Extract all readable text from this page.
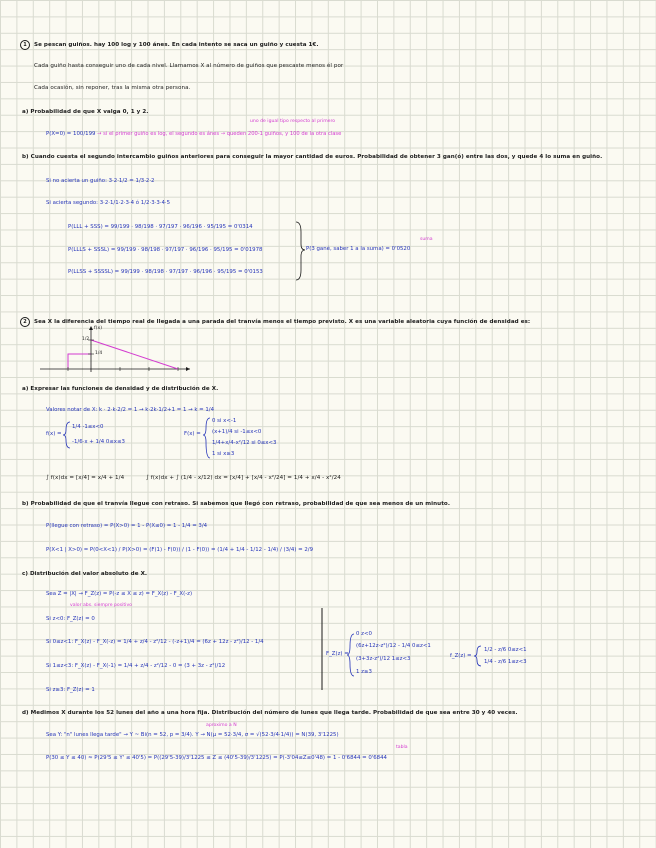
1 Se pescan guiños. hay 100 log y 100 ánes. En cada intento se saca un guiño y cuesta 1€.
Cada guiño hasta conseguir uno de cada nivel. Llamamos X al número de guiños que pescaste menos él por
Cada ocasión, sin reponer, tras la misma otra persona.
a) Probabilidad de que X valga 0, 1 y 2.
uno de igual tipo respecto al primero
P(X=0) = 100/199 → si el primer guiño es log, el segundo es ánes → queden 200-1 guiños, y 100 de la otra clase
b) Cuando cuesta el segundo intercambio guiños anteriores para conseguir la mayor cantidad de euros. Probabilidad de obtener 3 gan(ó) entre las dos, y quede 4 lo suma en guiño.
Si no acierta un guiño: 3·2·1/2 = 1/3·2·2
Si acierta segundo: 3·2·1/1·2·3·4 ó 1/2·3·3·4·5
P(LLL + SSS) = 99/199 · 98/198 · 97/197 · 96/196 · 95/195 = 0'0314
P(LLLS + SSSL) = 99/199 · 98/198 · 97/197 · 96/196 · 95/195 = 0'01978
P(LLSS + SSSSL) = 99/199 · 98/198 · 97/197 · 96/196 · 95/195 = 0'0153
P(3 gané, saber 1 a la suma) = 0'0520
suma
2 Sea X la diferencia del tiempo real de llegada a una parada del tranvía menos el tiempo previsto. X es una variable aleatoria cuya función de densidad es:
f(x)
1/2
1/4
a) Expresar las funciones de densidad y de distribución de X.
Valores notar de X: k · 2·k·2/2 = 1 → k·2k·1/2+1 = 1 → k = 1/4
f(x) =
1/4 -1≤x<0
-1/6·x + 1/4 0≤x≤3
F(x) =
0 si x<-1
(x+1)/4 si -1≤x<0
1/4+x/4-x²/12 si 0≤x<3
1 si x≥3
∫ f(x)dx = [x/4] = x/4 + 1/4	∫ f(x)dx + ∫ (1/4 - x/12) dx = [x/4] + [x/4 - x²/24] = 1/4 + x/4 - x²/24
b) Probabilidad de que el tranvía llegue con retraso. Si sabemos que llegó con retraso, probabilidad de que sea menos de un minuto.
P(llegue con retraso) = P(X>0) = 1 - P(X≤0) = 1 - 1/4 = 3/4
P(X<1 | X>0) = P(0<X<1) / P(X>0) = (F(1) - F(0)) / (1 - F(0)) = (1/4 + 1/4 - 1/12 - 1/4) / (3/4) = 2/9
c) Distribución del valor absoluto de X.
Sea Z = |X| → F_Z(z) = P(-z ≤ X ≤ z) = F_X(z) - F_X(-z)
valor abs. siempre positivo
Si z<0: F_Z(z) = 0
Si 0≤z<1: F_X(z) - F_X(-z) = 1/4 + z/4 - z²/12 - (-z+1)/4 = (6z + 12z - z²)/12 - 1/4
Si 1≤z<3: F_X(z) - F_X(-1) = 1/4 + z/4 - z²/12 - 0 = (3 + 3z - z²)/12
Si z≥3: F_Z(z) = 1
F_Z(z) =
0 z<0
(6z+12z-z²)/12 - 1/4 0≤z<1
(3+3z-z²)/12 1≤z<3
1 z≥3
f_Z(z) =
1/2 - z/6 0≤z<1
1/4 - z/6 1≤z<3
d) Medimos X durante los 52 lunes del año a una hora fija. Distribución del número de lunes que llega tarde. Probabilidad de que sea entre 30 y 40 veces.
aproximo a N
Sea Y: "n" lunes llega tarde" → Y ~ Bi(n = 52, p = 3/4). Y → N(μ = 52·3/4, σ = √(52·3/4·1/4)) = N(39, 3'1225)
tabla
P(30 ≤ Y ≤ 40) ≈ P(29'5 ≤ Y' ≤ 40'5) = P((29'5-39)/3'1225 ≤ Z ≤ (40'5-39)/3'1225) = P(-3'04≤Z≤0'48) = 1 - 0'6844 = 0'6844
